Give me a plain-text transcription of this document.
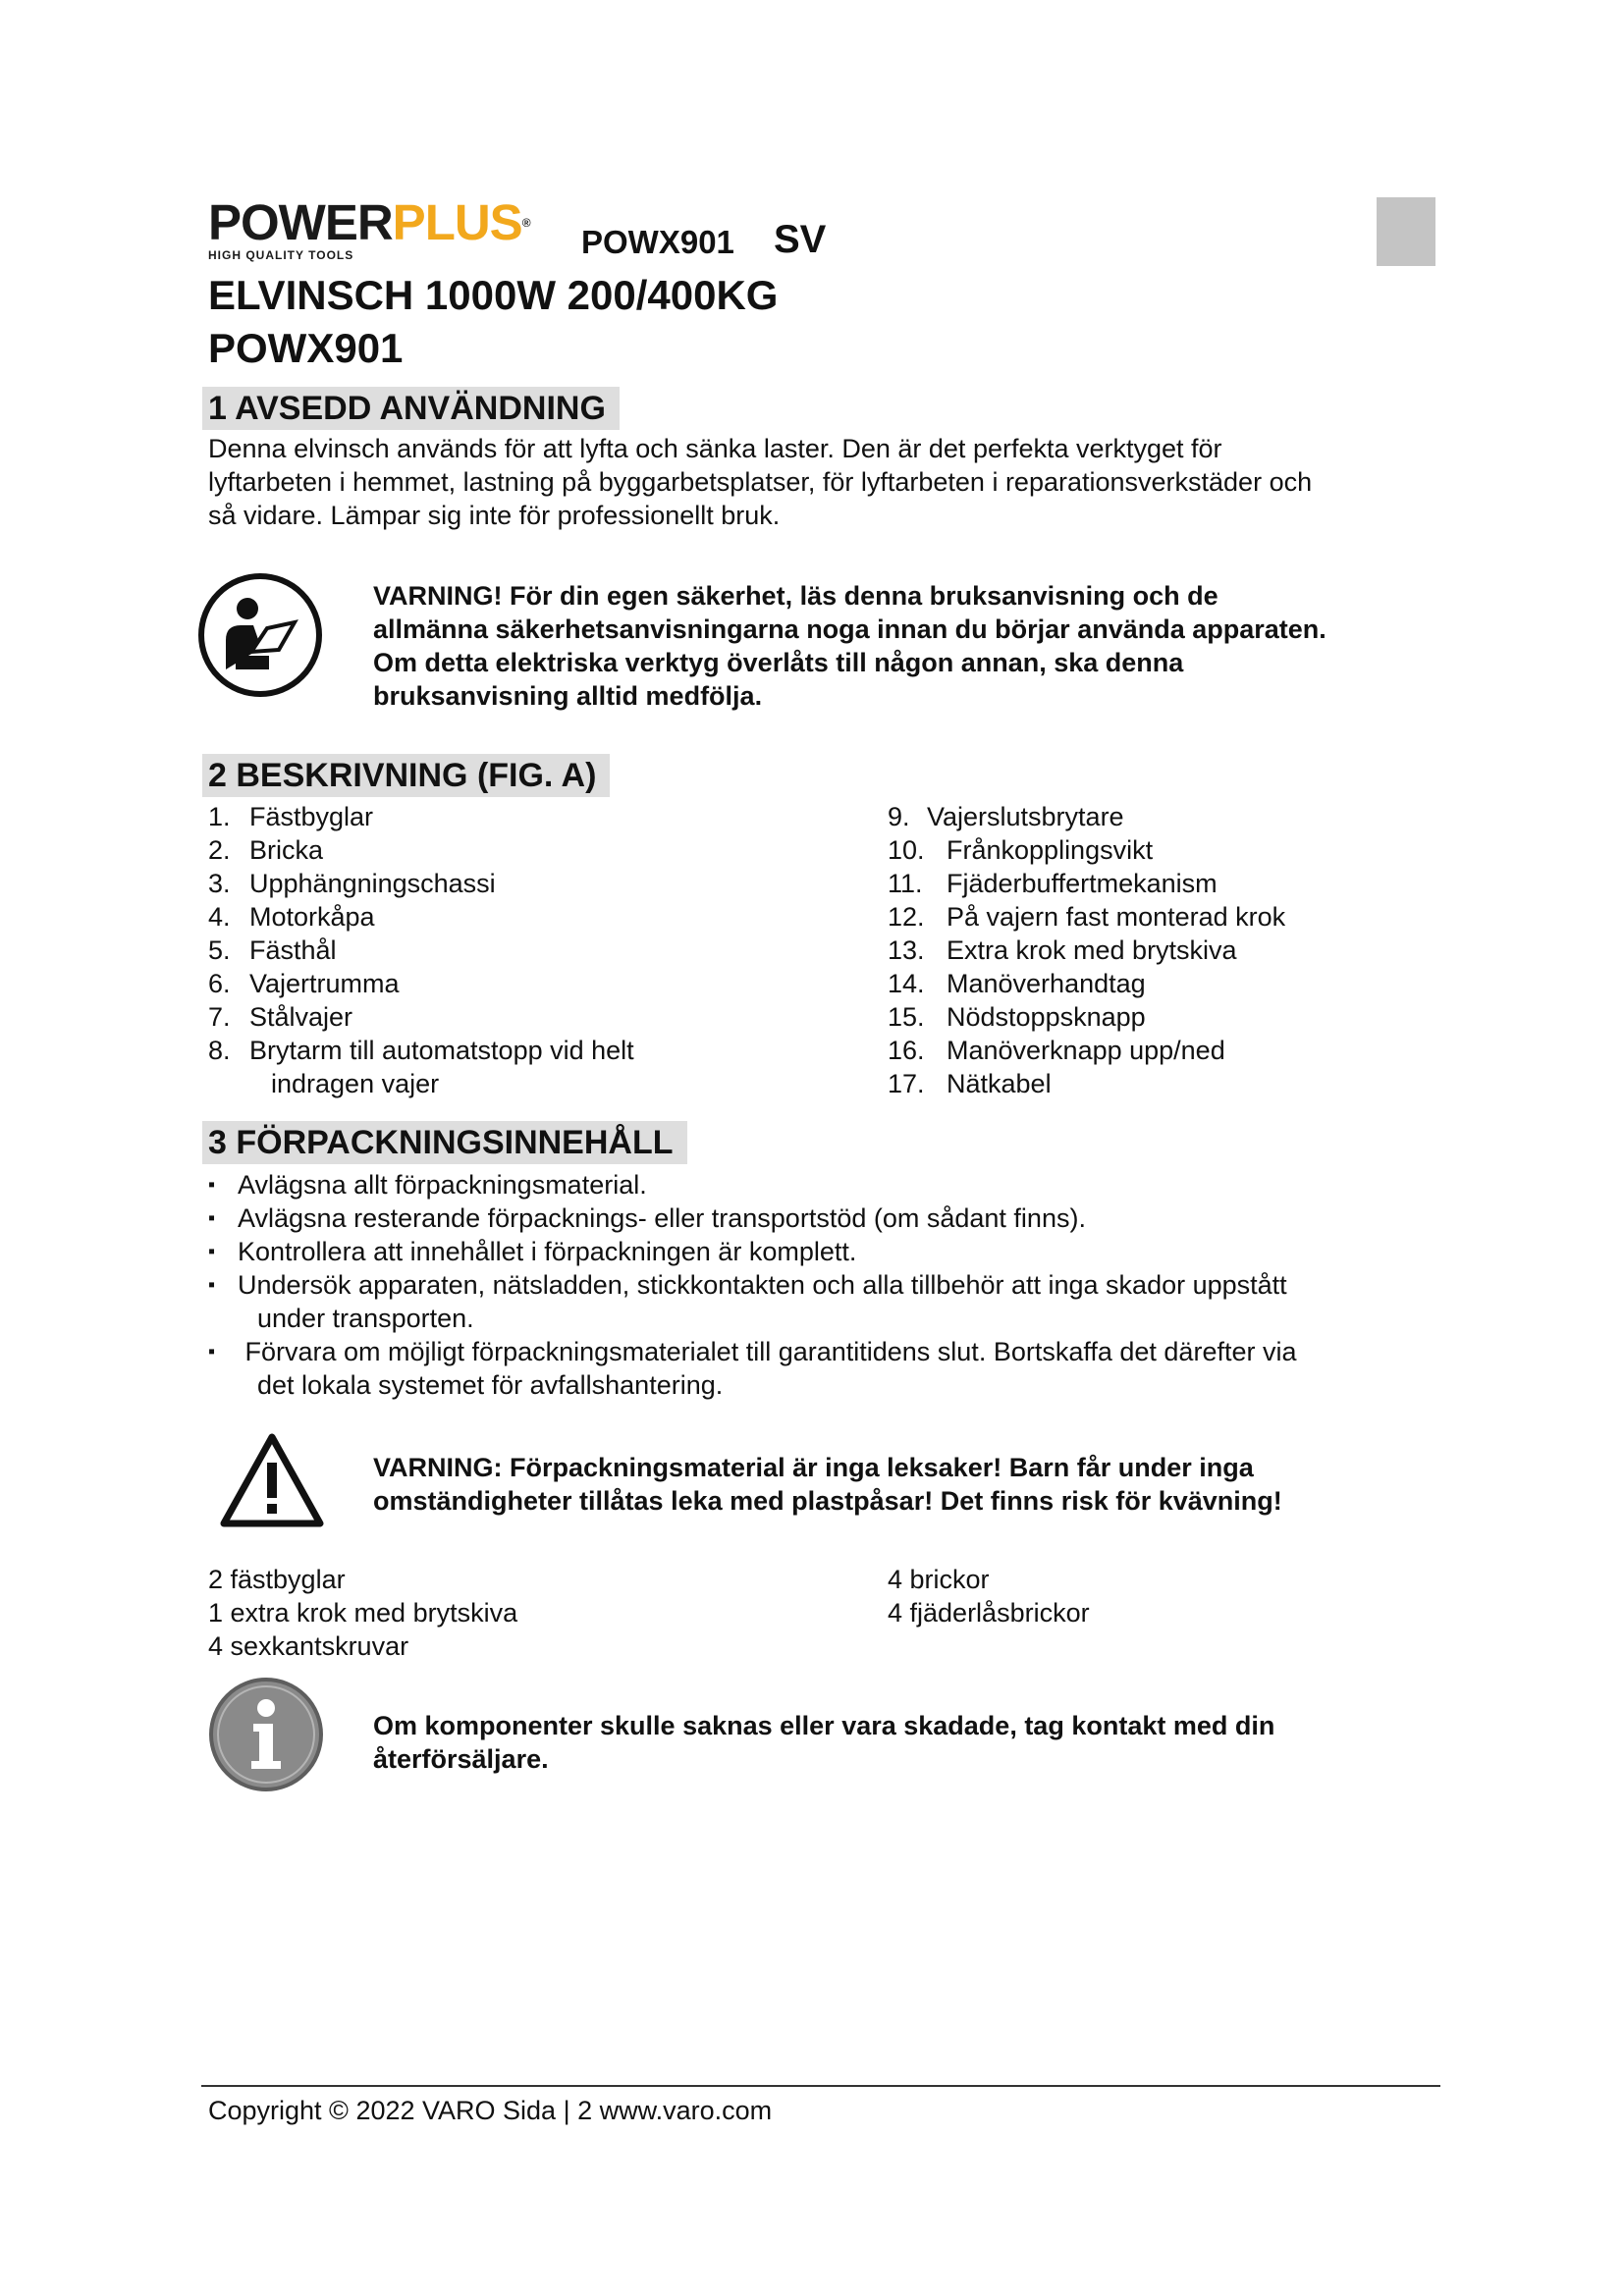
POWERPLUS®
HIGH QUALITY TOOLS	POWX901 SV
ELVINSCH 1000W 200/400KG
POWX901
1 AVSEDD ANVÄNDNING
Denna elvinsch används för att lyfta och sänka laster. Den är det perfekta verktyget för
lyftarbeten i hemmet, lastning på byggarbetsplatser, för lyftarbeten i reparationsverkstäder och
så vidare. Lämpar sig inte för professionellt bruk.
VARNING! För din egen säkerhet, läs denna bruksanvisning och de
allmänna säkerhetsanvisningarna noga innan du börjar använda apparaten.
Om detta elektriska verktyg överlåts till någon annan, ska denna
bruksanvisning alltid medfölja.
2 BESKRIVNING (FIG. A)
1. Fästbyglar
2. Bricka
3. Upphängningschassi
4. Motorkåpa
5. Fästhål
6. Vajertrumma
7. Stålvajer
8. Brytarm till automatstopp vid helt
indragen vajer
9. Vajerslutsbrytare
10. Frånkopplingsvikt
11. Fjäderbuffertmekanism
12. På vajern fast monterad krok
13. Extra krok med brytskiva
14. Manöverhandtag
15. Nödstoppsknapp
16. Manöverknapp upp/ned
17. Nätkabel
3 FÖRPACKNINGSINNEHÅLL
▪ Avlägsna allt förpackningsmaterial.
▪ Avlägsna resterande förpacknings- eller transportstöd (om sådant finns).
▪ Kontrollera att innehållet i förpackningen är komplett.
▪ Undersök apparaten, nätsladden, stickkontakten och alla tillbehör att inga skador uppstått
under transporten.
▪ Förvara om möjligt förpackningsmaterialet till garantitidens slut. Bortskaffa det därefter via
det lokala systemet för avfallshantering.
VARNING: Förpackningsmaterial är inga leksaker! Barn får under inga
omständigheter tillåtas leka med plastpåsar! Det finns risk för kvävning!
2 fästbyglar
1 extra krok med brytskiva
4 sexkantskruvar
4 brickor
4 fjäderlåsbrickor
Om komponenter skulle saknas eller vara skadade, tag kontakt med din
återförsäljare.
Copyright © 2022 VARO Sida | 2 www.varo.com
